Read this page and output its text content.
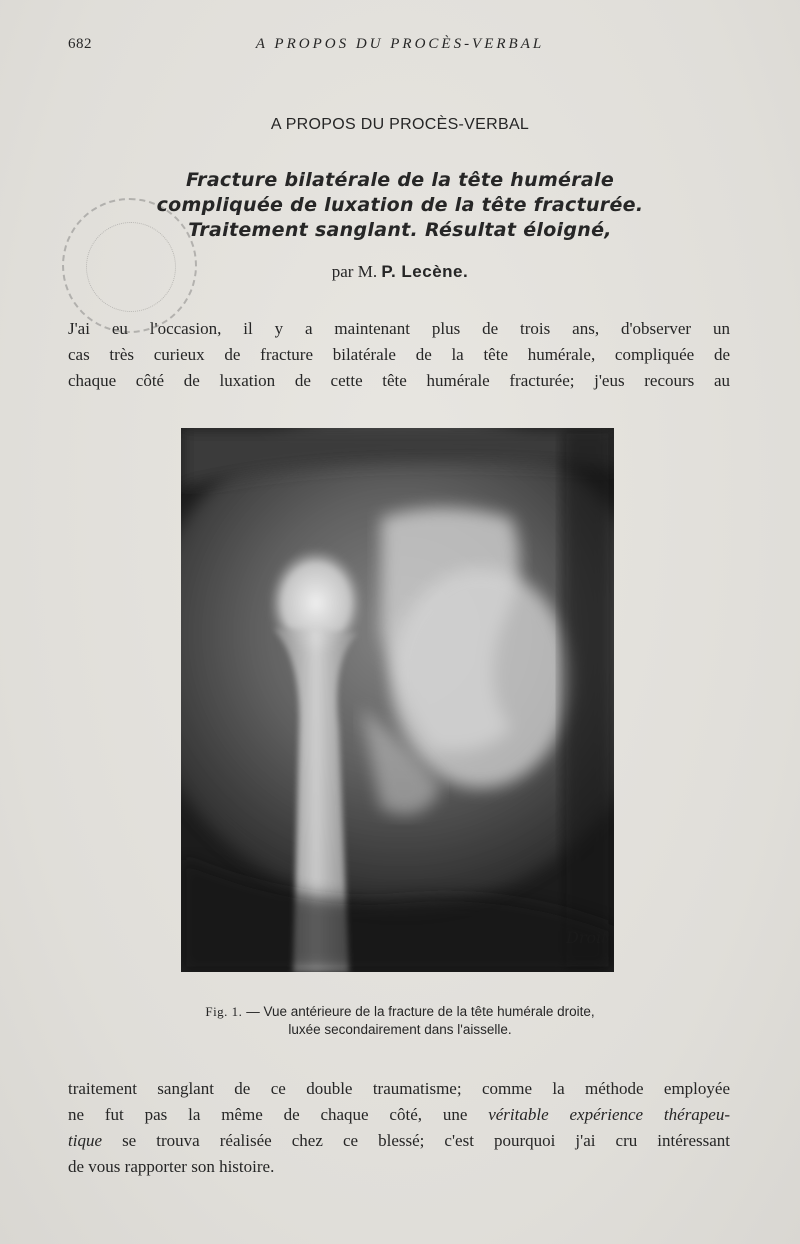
682	A PROPOS DU PROCÈS-VERBAL
A PROPOS DU PROCÈS-VERBAL
Fracture bilatérale de la tête humérale
compliquée de luxation de la tête fracturée.
Traitement sanglant. Résultat éloigné,
par M. P. Lecène.
J'ai eu l'occasion, il y a maintenant plus de trois ans, d'observer un
cas très curieux de fracture bilatérale de la tête humérale, compliquée de
chaque côté de luxation de cette tête humérale fracturée; j'eus recours au
Droit
Fig. 1. — Vue antérieure de la fracture de la tête humérale droite,
luxée secondairement dans l'aisselle.
traitement sanglant de ce double traumatisme; comme la méthode employée
ne fut pas la même de chaque côté, une véritable expérience thérapeu-
tique se trouva réalisée chez ce blessé; c'est pourquoi j'ai cru intéressant
de vous rapporter son histoire.
